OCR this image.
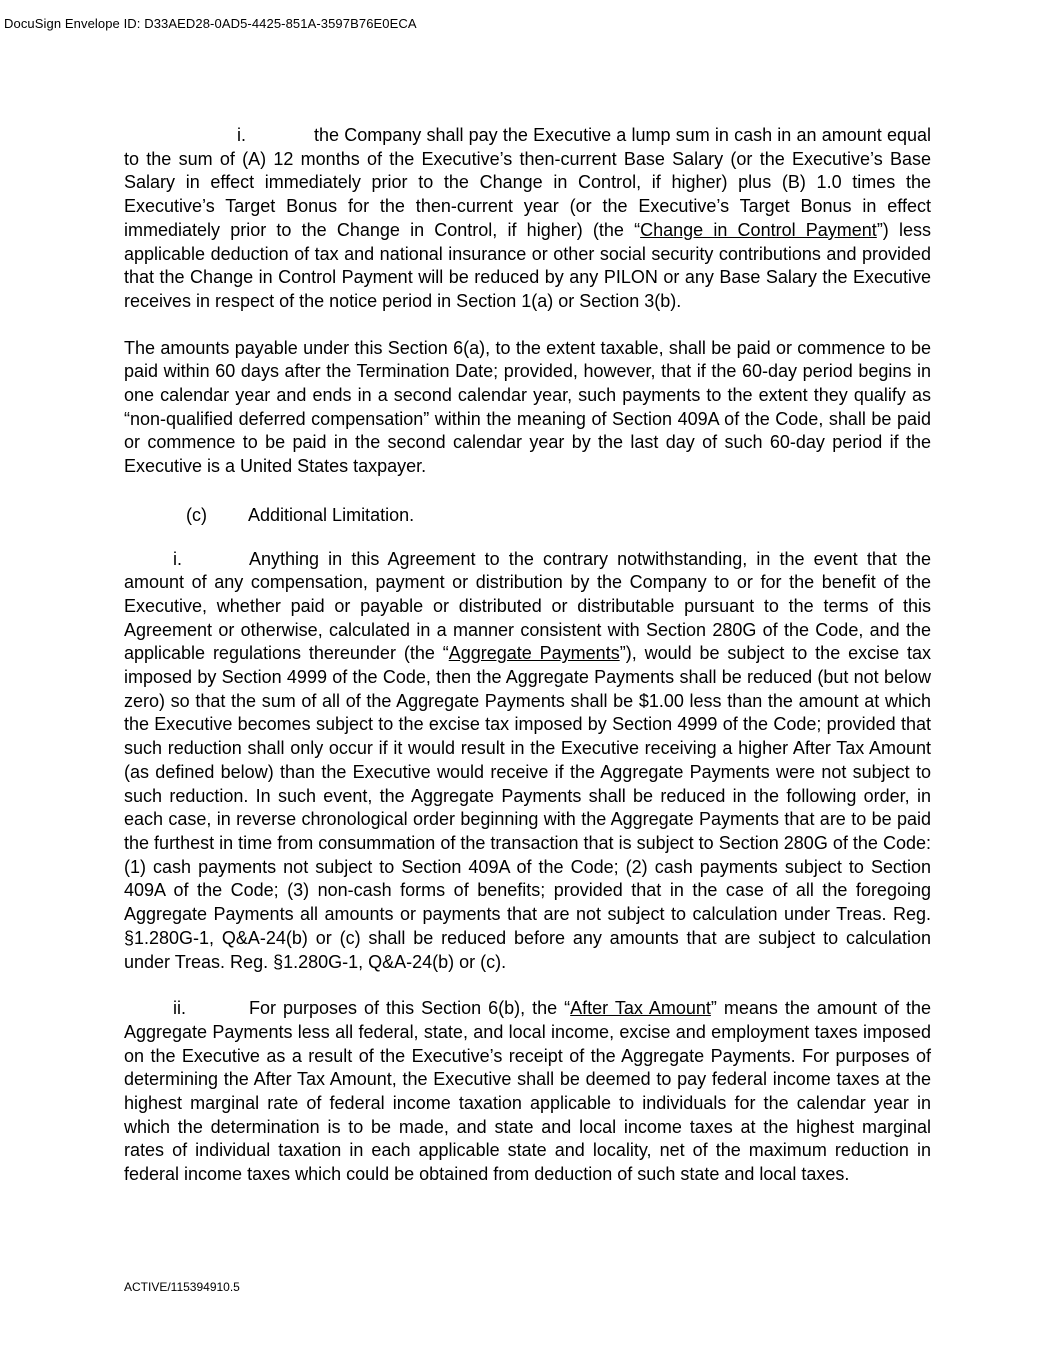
DocuSign Envelope ID: D33AED28-0AD5-4425-851A-3597B76E0ECA

i.	the Company shall pay the Executive a lump sum in cash in an amount equal to the sum of (A) 12 months of the Executive’s then-current Base Salary (or the Executive’s Base Salary in effect immediately prior to the Change in Control, if higher) plus (B) 1.0 times the Executive’s Target Bonus for the then-current year (or the Executive’s Target Bonus in effect immediately prior to the Change in Control, if higher) (the “Change in Control Payment”) less applicable deduction of tax and national insurance or other social security contributions and provided that the Change in Control Payment will be reduced by any PILON or any Base Salary the Executive receives in respect of the notice period in Section 1(a) or Section 3(b).

The amounts payable under this Section 6(a), to the extent taxable, shall be paid or commence to be paid within 60 days after the Termination Date; provided, however, that if the 60-day period begins in one calendar year and ends in a second calendar year, such payments to the extent they qualify as “non-qualified deferred compensation” within the meaning of Section 409A of the Code, shall be paid or commence to be paid in the second calendar year by the last day of such 60-day period if the Executive is a United States taxpayer.

(c) Additional Limitation.

i.	Anything in this Agreement to the contrary notwithstanding, in the event that the amount of any compensation, payment or distribution by the Company to or for the benefit of the Executive, whether paid or payable or distributed or distributable pursuant to the terms of this Agreement or otherwise, calculated in a manner consistent with Section 280G of the Code, and the applicable regulations thereunder (the “Aggregate Payments”), would be subject to the excise tax imposed by Section 4999 of the Code, then the Aggregate Payments shall be reduced (but not below zero) so that the sum of all of the Aggregate Payments shall be $1.00 less than the amount at which the Executive becomes subject to the excise tax imposed by Section 4999 of the Code; provided that such reduction shall only occur if it would result in the Executive receiving a higher After Tax Amount (as defined below) than the Executive would receive if the Aggregate Payments were not subject to such reduction. In such event, the Aggregate Payments shall be reduced in the following order, in each case, in reverse chronological order beginning with the Aggregate Payments that are to be paid the furthest in time from consummation of the transaction that is subject to Section 280G of the Code: (1) cash payments not subject to Section 409A of the Code; (2) cash payments subject to Section 409A of the Code; (3) non-cash forms of benefits; provided that in the case of all the foregoing Aggregate Payments all amounts or payments that are not subject to calculation under Treas. Reg. §1.280G-1, Q&A-24(b) or (c) shall be reduced before any amounts that are subject to calculation under Treas. Reg. §1.280G-1, Q&A-24(b) or (c).

ii.	For purposes of this Section 6(b), the “After Tax Amount” means the amount of the Aggregate Payments less all federal, state, and local income, excise and employment taxes imposed on the Executive as a result of the Executive’s receipt of the Aggregate Payments. For purposes of determining the After Tax Amount, the Executive shall be deemed to pay federal income taxes at the highest marginal rate of federal income taxation applicable to individuals for the calendar year in which the determination is to be made, and state and local income taxes at the highest marginal rates of individual taxation in each applicable state and locality, net of the maximum reduction in federal income taxes which could be obtained from deduction of such state and local taxes.

ACTIVE/115394910.5
